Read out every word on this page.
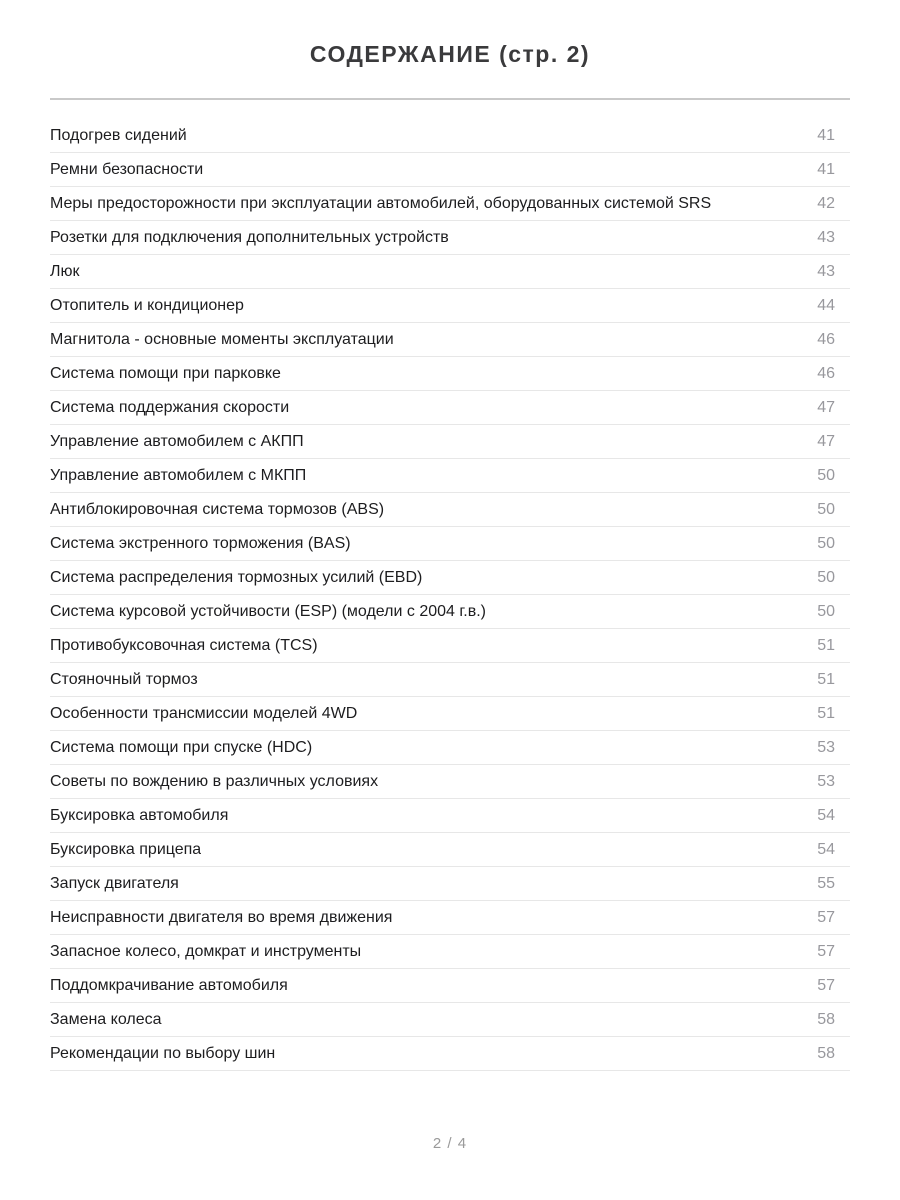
СОДЕРЖАНИЕ (стр. 2)
Подогрев сидений	41
Ремни безопасности	41
Меры предосторожности при эксплуатации автомобилей, оборудованных системой SRS	42
Розетки для подключения дополнительных устройств	43
Люк	43
Отопитель и кондиционер	44
Магнитола - основные моменты эксплуатации	46
Система помощи при парковке	46
Система поддержания скорости	47
Управление автомобилем с АКПП	47
Управление автомобилем с МКПП	50
Антиблокировочная система тормозов (ABS)	50
Система экстренного торможения (BAS)	50
Система распределения тормозных усилий (EBD)	50
Система курсовой устойчивости (ESP) (модели с 2004 г.в.)	50
Противобуксовочная система (TCS)	51
Стояночный тормоз	51
Особенности трансмиссии моделей 4WD	51
Система помощи при спуске (HDC)	53
Советы по вождению в различных условиях	53
Буксировка автомобиля	54
Буксировка прицепа	54
Запуск двигателя	55
Неисправности двигателя во время движения	57
Запасное колесо, домкрат и инструменты	57
Поддомкрачивание автомобиля	57
Замена колеса	58
Рекомендации по выбору шин	58
2 / 4
